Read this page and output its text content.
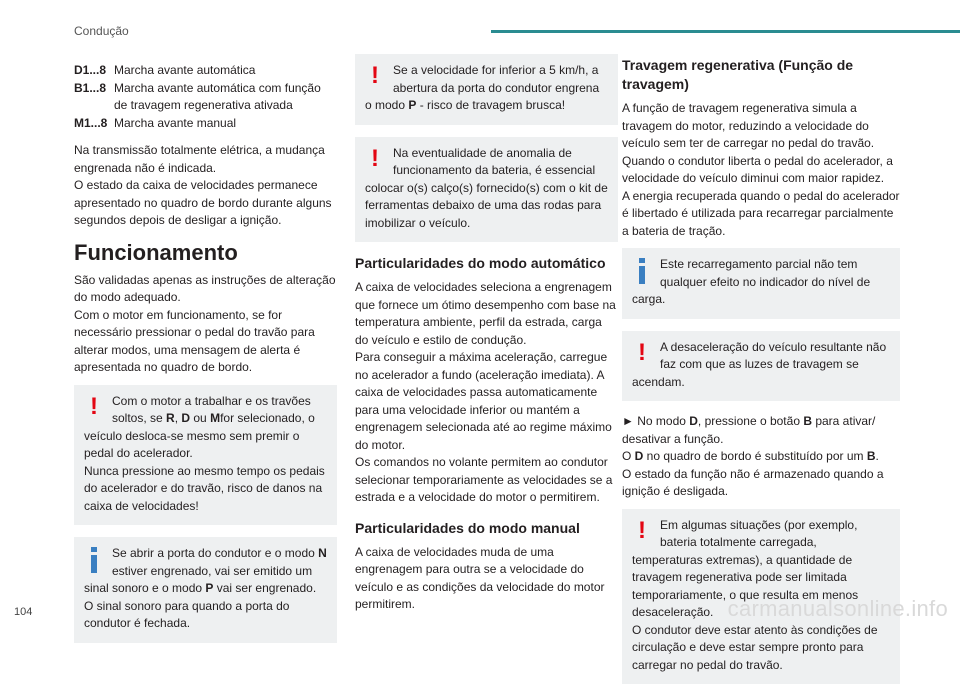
Condução
D1...8 Marcha avante automática
B1...8 Marcha avante automática com função de travagem regenerativa ativada
M1...8 Marcha avante manual

Na transmissão totalmente elétrica, a mudança engrenada não é indicada.
O estado da caixa de velocidades permanece apresentado no quadro de bordo durante alguns segundos depois de desligar a ignição.

Funcionamento

São validadas apenas as instruções de alteração do modo adequado.
Com o motor em funcionamento, se for necessário pressionar o pedal do travão para alterar modos, uma mensagem de alerta é apresentada no quadro de bordo.

!	Com o motor a trabalhar e os travões soltos, se R, D ou Mfor selecionado, o veículo desloca-se mesmo sem premir o pedal do acelerador.
Nunca pressione ao mesmo tempo os pedais do acelerador e do travão, risco de danos na caixa de velocidades!
Se abrir a porta do condutor e o modo N estiver engrenado, vai ser emitido um sinal sonoro e o modo P vai ser engrenado. O sinal sonoro para quando a porta do condutor é fechada.
!	Se a velocidade for inferior a 5 km/h, a abertura da porta do condutor engrena o modo P - risco de travagem brusca!
!	Na eventualidade de anomalia de funcionamento da bateria, é essencial colocar o(s) calço(s) fornecido(s) com o kit de ferramentas debaixo de uma das rodas para imobilizar o veículo.
Particularidades do modo automático

A caixa de velocidades seleciona a engrenagem que fornece um ótimo desempenho com base na temperatura ambiente, perfil da estrada, carga do veículo e estilo de condução.
Para conseguir a máxima aceleração, carregue no acelerador a fundo (aceleração imediata). A caixa de velocidades passa automaticamente para uma velocidade inferior ou mantém a engrenagem selecionada até ao regime máximo do motor.
Os comandos no volante permitem ao condutor selecionar temporariamente as velocidades se a estrada e a velocidade do motor o permitirem.

Particularidades do modo manual

A caixa de velocidades muda de uma engrenagem para outra se a velocidade do veículo e as condições da velocidade do motor permitirem.

Travagem regenerativa (Função de travagem)

A função de travagem regenerativa simula a travagem do motor, reduzindo a velocidade do veículo sem ter de carregar no pedal do travão. Quando o condutor liberta o pedal do acelerador, a velocidade do veículo diminui com maior rapidez.
A energia recuperada quando o pedal do acelerador é libertado é utilizada para recarregar parcialmente a bateria de tração.

Este recarregamento parcial não tem qualquer efeito no indicador do nível de carga.
!	A desaceleração do veículo resultante não faz com que as luzes de travagem se acendam.

► No modo D, pressione o botão B para ativar/ desativar a função.
O D no quadro de bordo é substituído por um B.
O estado da função não é armazenado quando a ignição é desligada.

!	Em algumas situações (por exemplo, bateria totalmente carregada, temperaturas extremas), a quantidade de travagem regenerativa pode ser limitada temporariamente, o que resulta em menos desaceleração.
O condutor deve estar atento às condições de circulação e deve estar sempre pronto para carregar no pedal do travão.
104	carmanualsonline.info
